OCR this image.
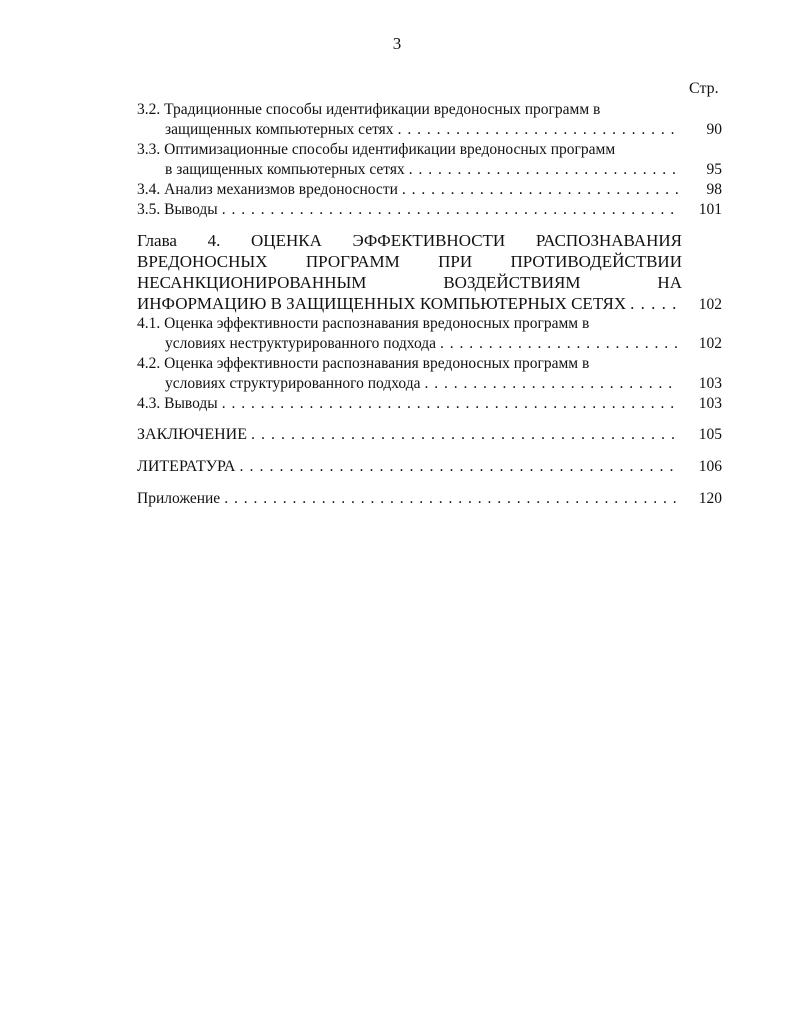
3
Стр.
3.2. Традиционные способы идентификации вредоносных программ в
защищенных компьютерных сетях . . .	90
3.3. Оптимизационные способы идентификации вредоносных программ
в защищенных компьютерных сетях . . .	95
3.4. Анализ механизмов вредоносности . . .	98
3.5. Выводы . . .	101
Глава 4. ОЦЕНКА ЭФФЕКТИВНОСТИ РАСПОЗНАВАНИЯ
ВРЕДОНОСНЫХ ПРОГРАММ ПРИ ПРОТИВОДЕЙСТВИИ
НЕСАНКЦИОНИРОВАННЫМ	ВОЗДЕЙСТВИЯМ	НА
ИНФОРМАЦИЮ В ЗАЩИЩЕННЫХ КОМПЬЮТЕРНЫХ СЕТЯХ . . .	102
4.1. Оценка эффективности распознавания вредоносных программ в
условиях неструктурированного подхода . . .	102
4.2. Оценка эффективности распознавания вредоносных программ в
условиях структурированного подхода . . .	103
4.3. Выводы . . .	103
ЗАКЛЮЧЕНИЕ . . .	105
ЛИТЕРАТУРА . . .	106
Приложение . . .	120
